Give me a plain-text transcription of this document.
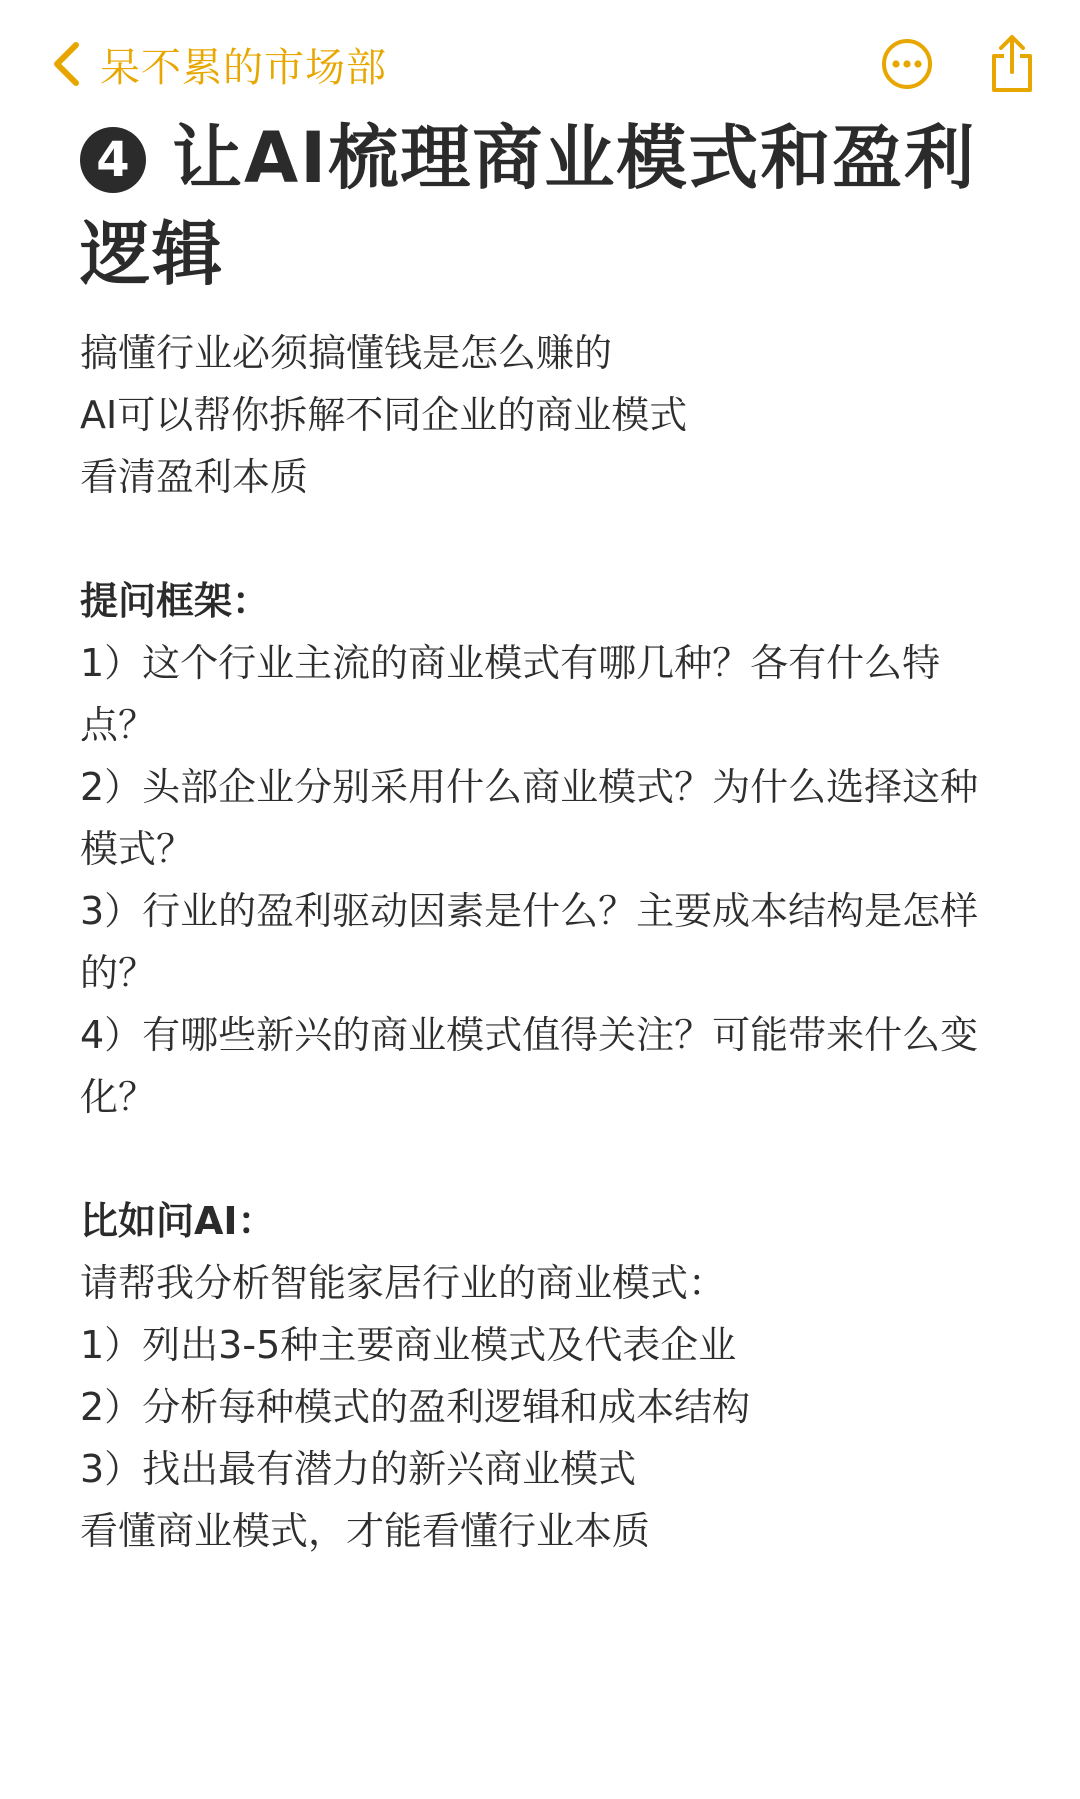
呆不累的市场部
4 让AI梳理商业模式和盈利逻辑
搞懂行业必须搞懂钱是怎么赚的
AI可以帮你拆解不同企业的商业模式
看清盈利本质
提问框架：
1）这个行业主流的商业模式有哪几种？各有什么特点？
2）头部企业分别采用什么商业模式？为什么选择这种模式？
3）行业的盈利驱动因素是什么？主要成本结构是怎样的？
4）有哪些新兴的商业模式值得关注？可能带来什么变化？
比如问AI：
请帮我分析智能家居行业的商业模式：
1）列出3-5种主要商业模式及代表企业
2）分析每种模式的盈利逻辑和成本结构
3）找出最有潜力的新兴商业模式
看懂商业模式，才能看懂行业本质
